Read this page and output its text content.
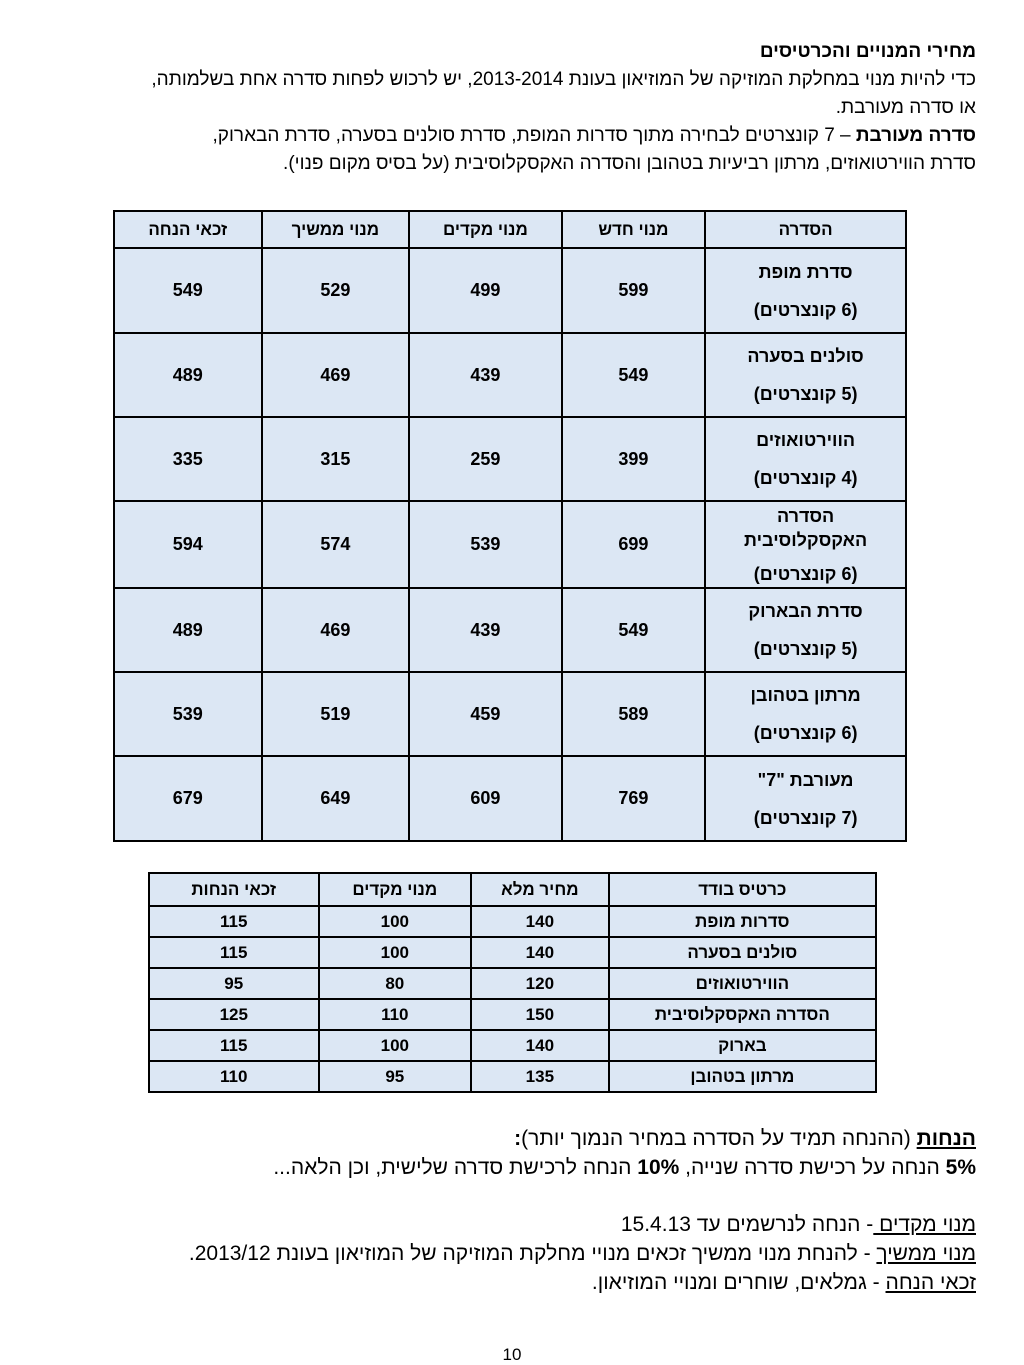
מחירי המנויים והכרטיסים

כדי להיות מנוי במחלקת המוזיקה של המוזיאון בעונת 2013-2014, יש לרכוש לפחות סדרה אחת בשלמותה,

או סדרה מעורבת.

סדרה מעורבת – 7 קונצרטים לבחירה מתוך סדרות המופת, סדרת סולנים בסערה, סדרת הבארוק,

סדרת הווירטואוזים, מרתון רביעיות בטהובן והסדרה האקסקלוסיבית (על בסיס מקום פנוי).

הסדרה	מנוי חדש	מנוי מקדים	מנוי ממשיך	זכאי הנחה

סדרת מופת
(6 קונצרטים)	599	499	529	549

סולנים בסערה
(5 קונצרטים)	549	439	469	489

הווירטואוזים
(4 קונצרטים)	399	259	315	335

הסדרה האקסקלוסיבית
(6 קונצרטים)	699	539	574	594

סדרת הבארוק
(5 קונצרטים)	549	439	469	489

מרתון בטהובן
(6 קונצרטים)	589	459	519	539

מעורבת "7"
(7 קונצרטים)	769	609	649	679
כרטיס בודד	מחיר מלא	מנוי מקדים	זכאי הנחות
סדרות מופת	140	100	115
סולנים בסערה	140	100	115
הווירטואוזים	120	80	95
הסדרה האקסקלוסיבית	150	110	125
בארוק	140	100	115
מרתון בטהובן	135	95	110

הנחות (ההנחה תמיד על הסדרה במחיר הנמוך יותר):

5% הנחה על רכישת סדרה שנייה, 10% הנחה לרכישת סדרה שלישית, וכן הלאה...

מנוי מקדים - הנחה לנרשמים עד 15.4.13

מנוי ממשיך - להנחת מנוי ממשיך זכאים מנויי מחלקת המוזיקה של המוזיאון בעונת 2013/12.

זכאי הנחה - גמלאים, שוחרים ומנויי המוזיאון.

10
